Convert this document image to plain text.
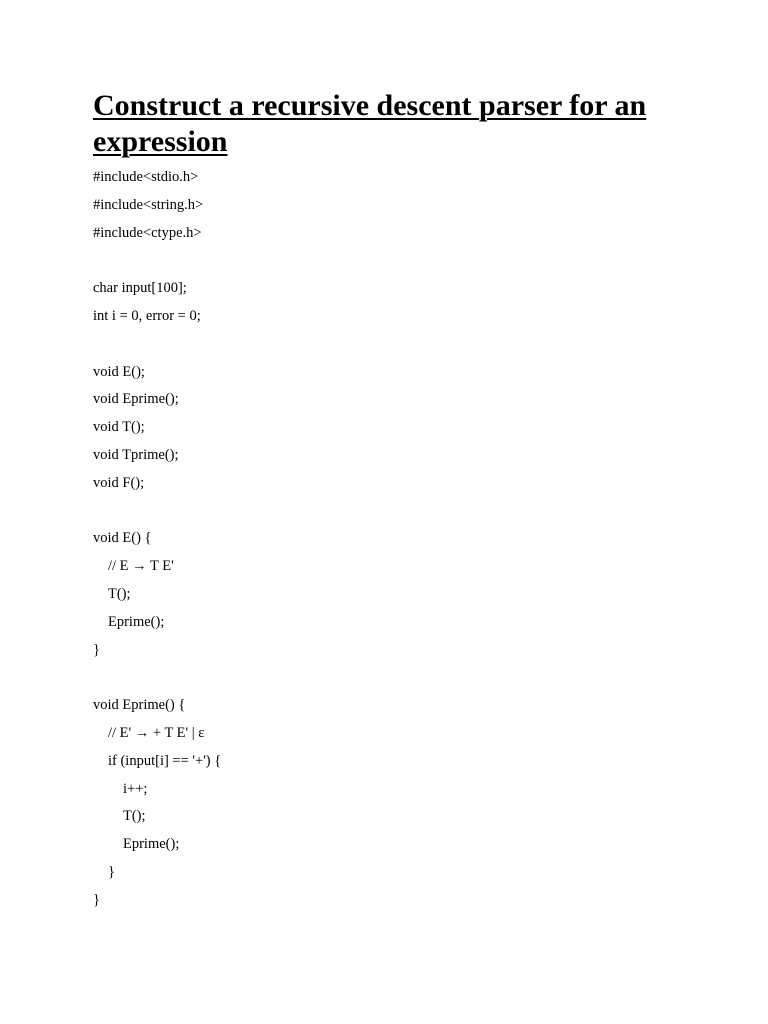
Construct a recursive descent parser for an expression
#include<stdio.h>
#include<string.h>
#include<ctype.h>
char input[100];
int i = 0, error = 0;
void E();
void Eprime();
void T();
void Tprime();
void F();
void E() {
// E → T E'
T();
Eprime();
}
void Eprime() {
// E' → + T E' | ε
if (input[i] == '+') {
i++;
T();
Eprime();
}
}
